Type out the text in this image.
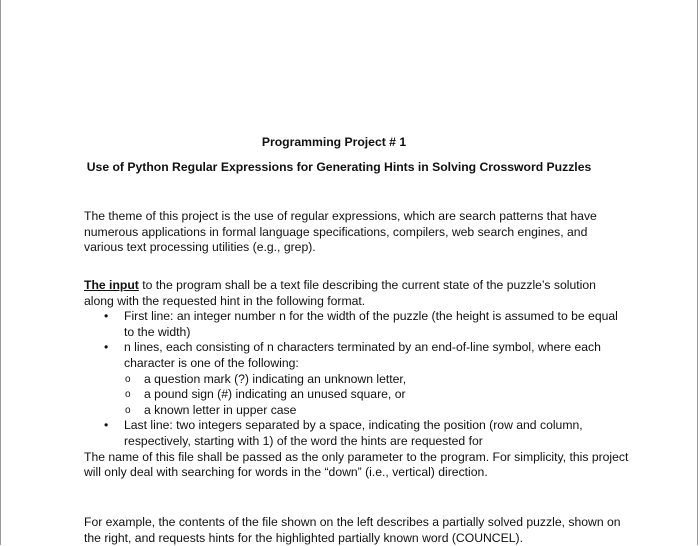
Programming Project # 1

Use of Python Regular Expressions for Generating Hints in Solving Crossword Puzzles

The theme of this project is the use of regular expressions, which are search patterns that have numerous applications in formal language specifications, compilers, web search engines, and various text processing utilities (e.g., grep).

The input to the program shall be a text file describing the current state of the puzzle’s solution along with the requested hint in the following format.

• First line: an integer number n for the width of the puzzle (the height is assumed to be equal to the width)
• n lines, each consisting of n characters terminated by an end-of-line symbol, where each character is one of the following:
o a question mark (?) indicating an unknown letter,
o a pound sign (#) indicating an unused square, or
o a known letter in upper case
• Last line: two integers separated by a space, indicating the position (row and column, respectively, starting with 1) of the word the hints are requested for

The name of this file shall be passed as the only parameter to the program. For simplicity, this project will only deal with searching for words in the “down” (i.e., vertical) direction.

For example, the contents of the file shown on the left describes a partially solved puzzle, shown on the right, and requests hints for the highlighted partially known word (COUNCEL).
